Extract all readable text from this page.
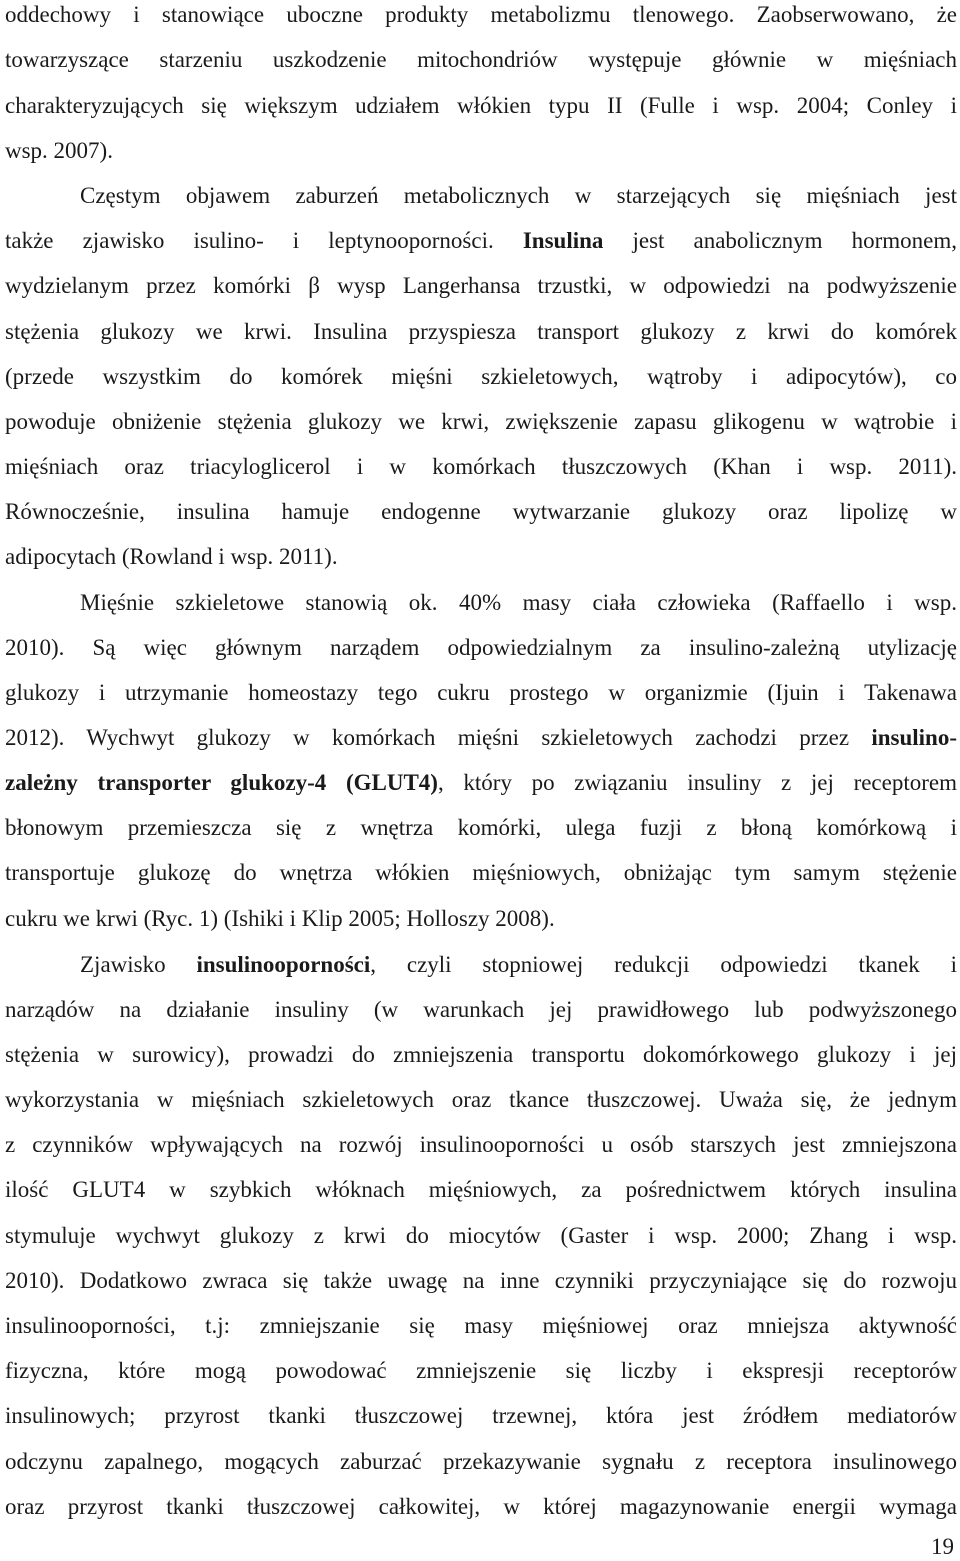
oddechowy i stanowiące uboczne produkty metabolizmu tlenowego. Zaobserwowano, że
towarzyszące starzeniu uszkodzenie mitochondriów występuje głównie w mięśniach
charakteryzujących się większym udziałem włókien typu II (Fulle i wsp. 2004; Conley i
wsp. 2007).
Częstym objawem zaburzeń metabolicznych w starzejących się mięśniach jest
także zjawisko isulino- i leptynooporności. Insulina jest anabolicznym hormonem,
wydzielanym przez komórki β wysp Langerhansa trzustki, w odpowiedzi na podwyższenie
stężenia glukozy we krwi. Insulina przyspiesza transport glukozy z krwi do komórek
(przede wszystkim do komórek mięśni szkieletowych, wątroby i adipocytów), co
powoduje obniżenie stężenia glukozy we krwi, zwiększenie zapasu glikogenu w wątrobie i
mięśniach oraz triacyloglicerol i w komórkach tłuszczowych (Khan i wsp. 2011).
Równocześnie, insulina hamuje endogenne wytwarzanie glukozy oraz lipolizę w
adipocytach (Rowland i wsp. 2011).
Mięśnie szkieletowe stanowią ok. 40% masy ciała człowieka (Raffaello i wsp.
2010). Są więc głównym narządem odpowiedzialnym za insulino-zależną utylizację
glukozy i utrzymanie homeostazy tego cukru prostego w organizmie (Ijuin i Takenawa
2012). Wychwyt glukozy w komórkach mięśni szkieletowych zachodzi przez insulino-
zależny transporter glukozy-4 (GLUT4), który po związaniu insuliny z jej receptorem
błonowym przemieszcza się z wnętrza komórki, ulega fuzji z błoną komórkową i
transportuje glukozę do wnętrza włókien mięśniowych, obniżając tym samym stężenie
cukru we krwi (Ryc. 1) (Ishiki i Klip 2005; Holloszy 2008).
Zjawisko insulinooporności, czyli stopniowej redukcji odpowiedzi tkanek i
narządów na działanie insuliny (w warunkach jej prawidłowego lub podwyższonego
stężenia w surowicy), prowadzi do zmniejszenia transportu dokomórkowego glukozy i jej
wykorzystania w mięśniach szkieletowych oraz tkance tłuszczowej. Uważa się, że jednym
z czynników wpływających na rozwój insulinooporności u osób starszych jest zmniejszona
ilość GLUT4 w szybkich włóknach mięśniowych, za pośrednictwem których insulina
stymuluje wychwyt glukozy z krwi do miocytów (Gaster i wsp. 2000; Zhang i wsp.
2010). Dodatkowo zwraca się także uwagę na inne czynniki przyczyniające się do rozwoju
insulinooporności, t.j: zmniejszanie się masy mięśniowej oraz mniejsza aktywność
fizyczna, które mogą powodować zmniejszenie się liczby i ekspresji receptorów
insulinowych; przyrost tkanki tłuszczowej trzewnej, która jest źródłem mediatorów
odczynu zapalnego, mogących zaburzać przekazywanie sygnału z receptora insulinowego
oraz przyrost tkanki tłuszczowej całkowitej, w której magazynowanie energii wymaga
19
